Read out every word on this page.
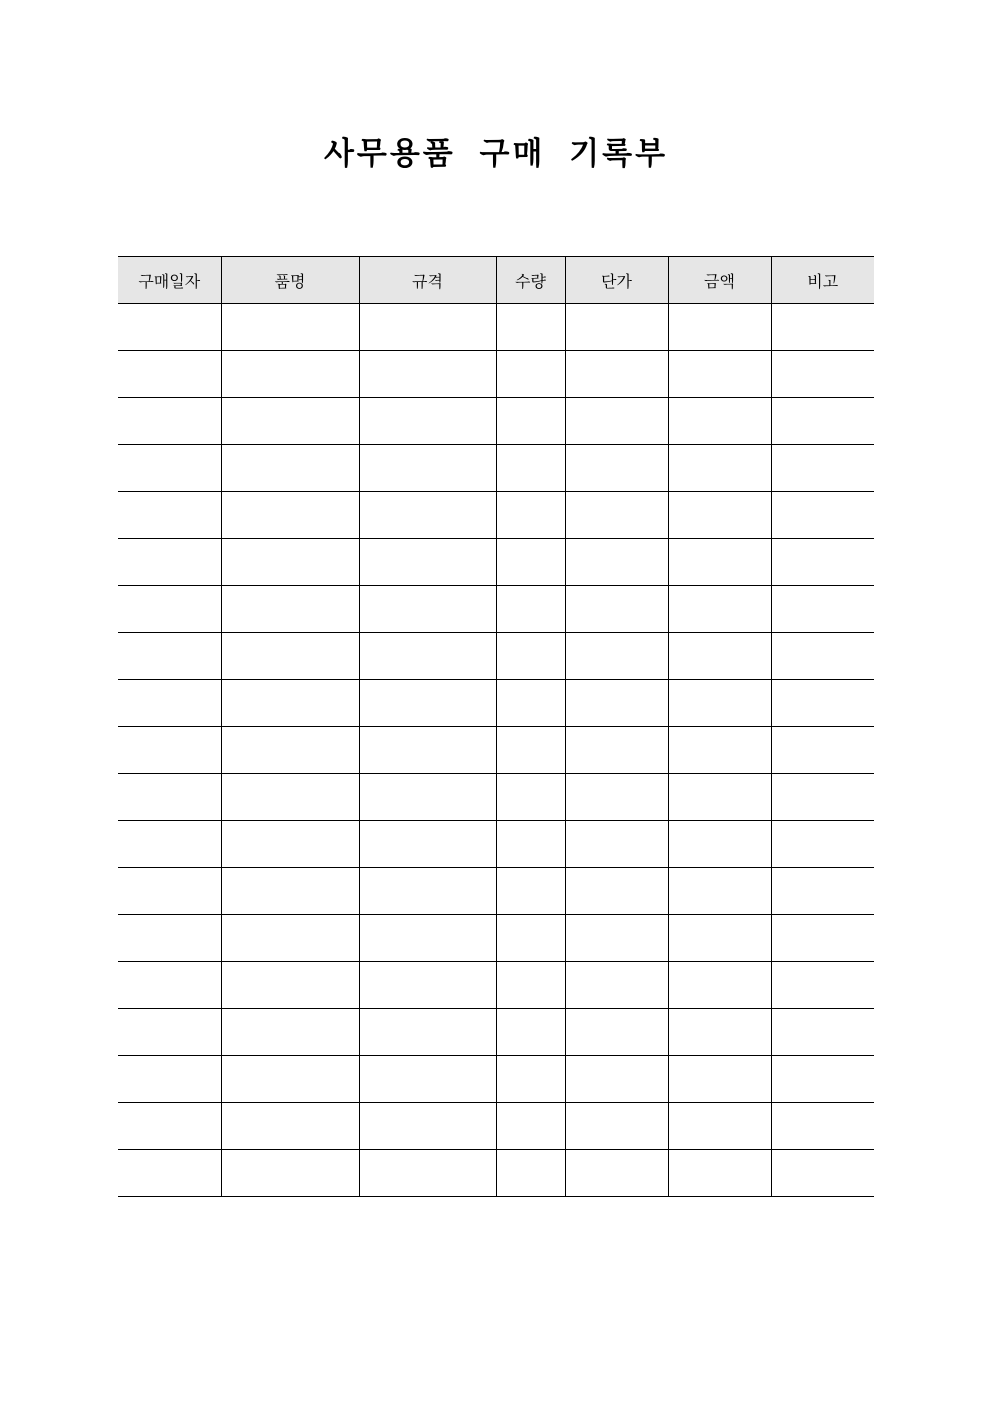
사무용품 구매 기록부
구매일자	품명	규격	수량	단가	금액	비고
